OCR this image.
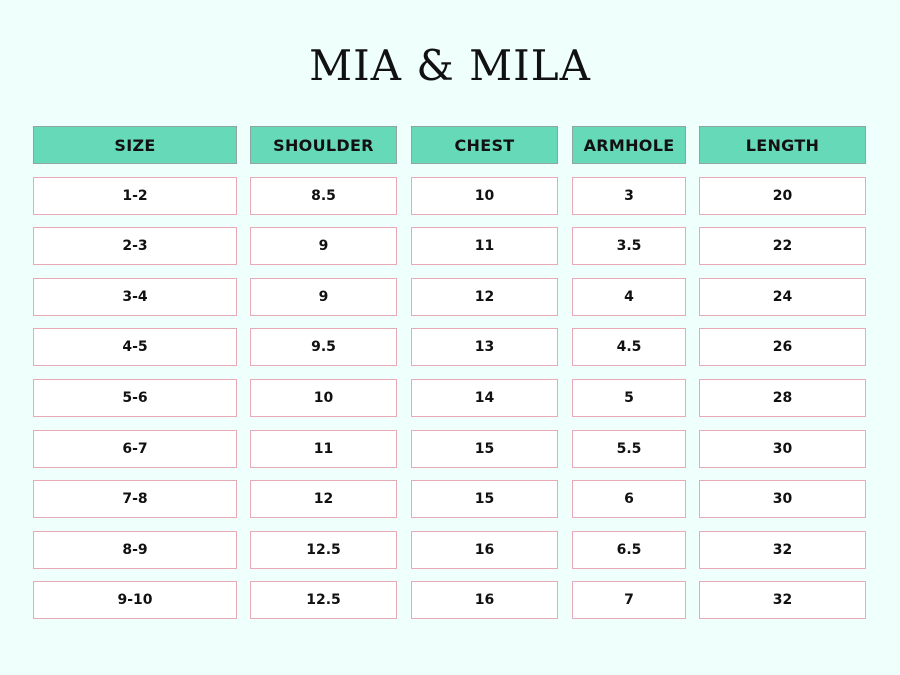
MIA & MILA
SIZE
1-2
2-3
3-4
4-5
5-6
6-7
7-8
8-9
9-10
SHOULDER
8.5
9
9
9.5
10
11
12
12.5
12.5
CHEST
10
11
12
13
14
15
15
16
16
ARMHOLE
3
3.5
4
4.5
5
5.5
6
6.5
7
LENGTH
20
22
24
26
28
30
30
32
32
